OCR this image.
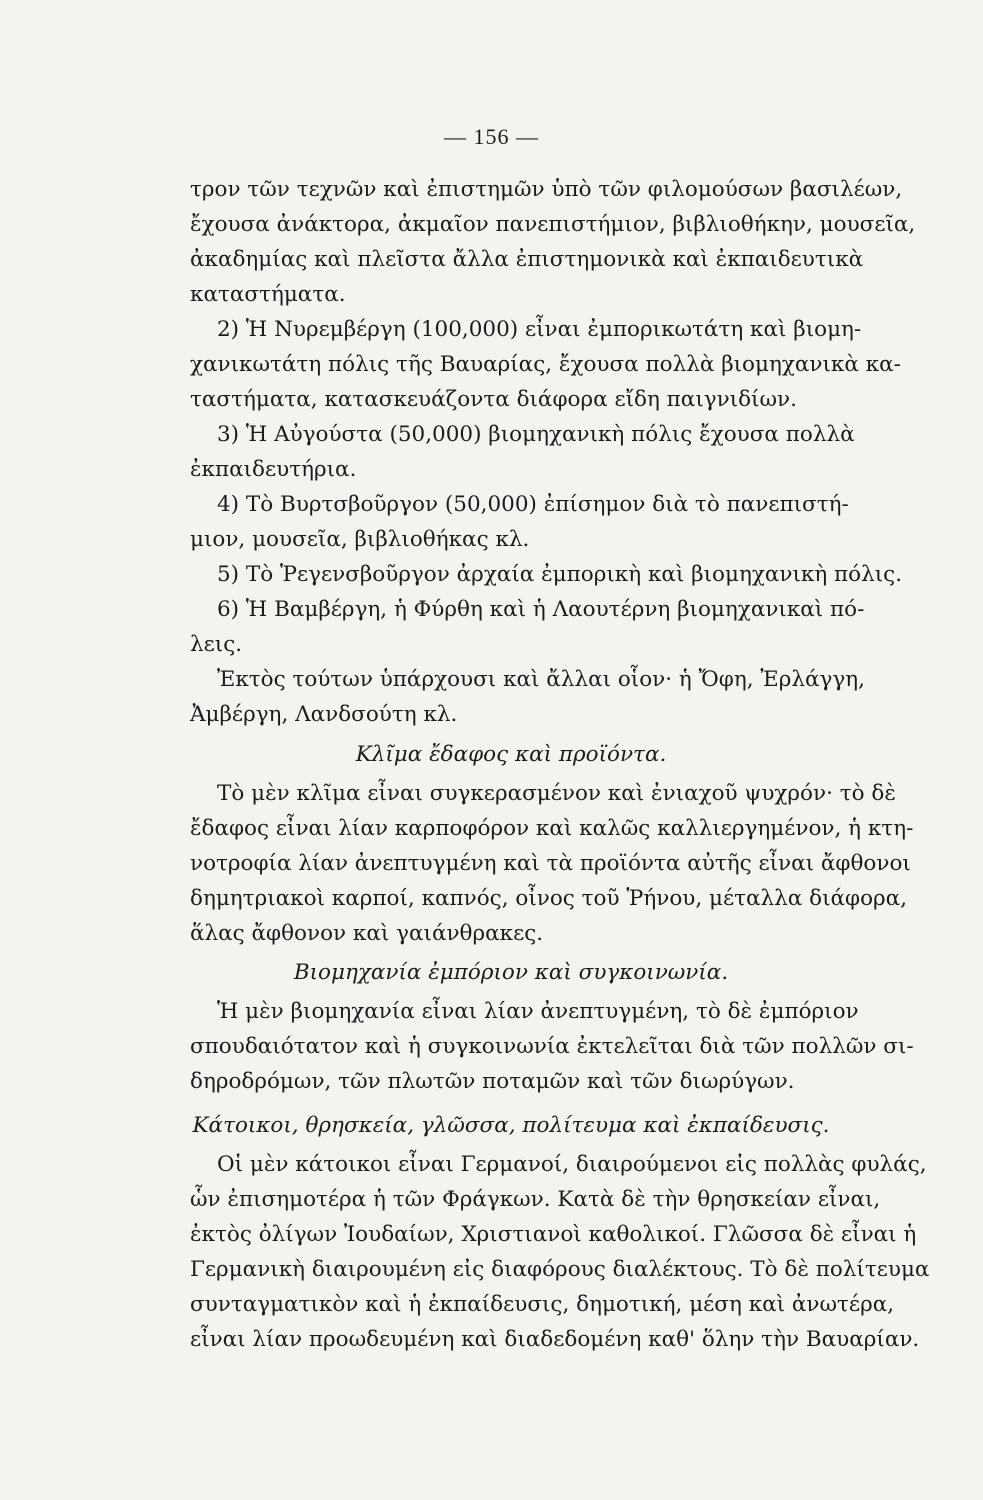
— 156 —
τρον τῶν τεχνῶν καὶ ἐπιστημῶν ὑπὸ τῶν φιλομούσων βασιλέων,
ἔχουσα ἀνάκτορα, ἀκμαῖον πανεπιστήμιον, βιβλιοθήκην, μουσεῖα,
ἀκαδημίας καὶ πλεῖστα ἄλλα ἐπιστημονικὰ καὶ ἐκπαιδευτικὰ
καταστήματα.
2) Ἡ Νυρεμβέργη (100,000) εἶναι ἐμπορικωτάτη καὶ βιομη-
χανικωτάτη πόλις τῆς Βαυαρίας, ἔχουσα πολλὰ βιομηχανικὰ κα-
ταστήματα, κατασκευάζοντα διάφορα εἴδη παιγνιδίων.
3) Ἡ Αὐγούστα (50,000) βιομηχανικὴ πόλις ἔχουσα πολλὰ
ἐκπαιδευτήρια.
4) Τὸ Βυρτσβοῦργον (50,000) ἐπίσημον διὰ τὸ πανεπιστή-
μιον, μουσεῖα, βιβλιοθήκας κλ.
5) Τὸ Ῥεγενσβοῦργον ἀρχαία ἐμπορικὴ καὶ βιομηχανικὴ πόλις.
6) Ἡ Βαμβέργη, ἡ Φύρθη καὶ ἡ Λαουτέρνη βιομηχανικαὶ πό-
λεις.
Ἐκτὸς τούτων ὑπάρχουσι καὶ ἄλλαι οἷον· ἡ Ὄφη, Ἐρλάγγη,
Ἀμβέργη, Λανδσούτη κλ.
Κλῖμα ἔδαφος καὶ προϊόντα.
Τὸ μὲν κλῖμα εἶναι συγκερασμένον καὶ ἐνιαχοῦ ψυχρόν· τὸ δὲ
ἔδαφος εἶναι λίαν καρποφόρον καὶ καλῶς καλλιεργημένον, ἡ κτη-
νοτροφία λίαν ἀνεπτυγμένη καὶ τὰ προϊόντα αὐτῆς εἶναι ἄφθονοι
δημητριακοὶ καρποί, καπνός, οἶνος τοῦ Ῥήνου, μέταλλα διάφορα,
ἅλας ἄφθονον καὶ γαιάνθρακες.
Βιομηχανία ἐμπόριον καὶ συγκοινωνία.
Ἡ μὲν βιομηχανία εἶναι λίαν ἀνεπτυγμένη, τὸ δὲ ἐμπόριον
σπουδαιότατον καὶ ἡ συγκοινωνία ἐκτελεῖται διὰ τῶν πολλῶν σι-
δηροδρόμων, τῶν πλωτῶν ποταμῶν καὶ τῶν διωρύγων.
Κάτοικοι, θρησκεία, γλῶσσα, πολίτευμα καὶ ἐκπαίδευσις.
Οἱ μὲν κάτοικοι εἶναι Γερμανοί, διαιρούμενοι εἰς πολλὰς φυλάς,
ὧν ἐπισημοτέρα ἡ τῶν Φράγκων. Κατὰ δὲ τὴν θρησκείαν εἶναι,
ἐκτὸς ὀλίγων Ἰουδαίων, Χριστιανοὶ καθολικοί. Γλῶσσα δὲ εἶναι ἡ
Γερμανικὴ διαιρουμένη εἰς διαφόρους διαλέκτους. Τὸ δὲ πολίτευμα
συνταγματικὸν καὶ ἡ ἐκπαίδευσις, δημοτική, μέση καὶ ἀνωτέρα,
εἶναι λίαν προωδευμένη καὶ διαδεδομένη καθ' ὅλην τὴν Βαυαρίαν.
